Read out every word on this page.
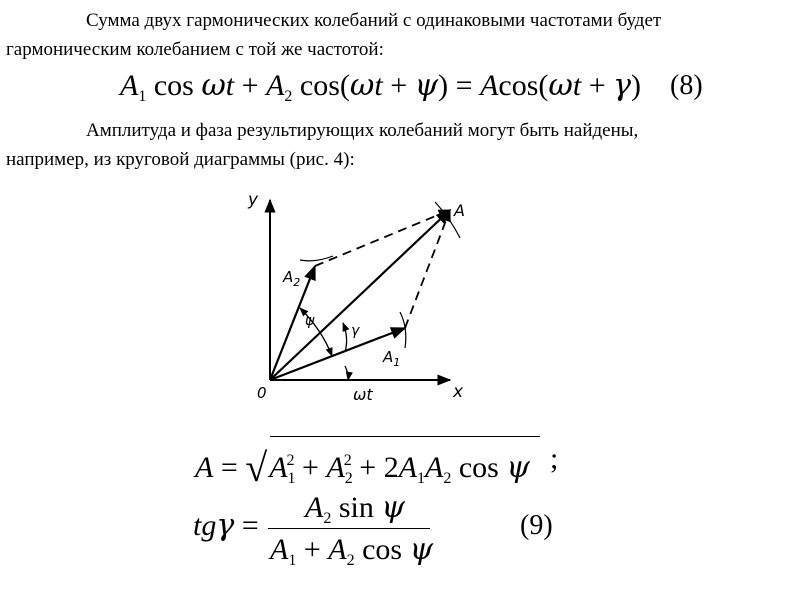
Сумма двух гармонических колебаний с одинаковыми частотами будет
гармоническим колебанием с той же частотой:
$A_1$ $\cos \omega t + A_2$ cos(ωt + ψ) = Acos(ωt + γ) (8)
Амплитуда и фаза результирующих колебаний могут быть найдены,
например, из круговой диаграммы (рис. 4):
y
x
0
A
$A_2$
$A_1$
ψ
γ
ωt
$A = √A_1^2 + A_2^2 + 2A_1A_2$ cos ψ ;
tgγ =
$A_2$ sin ψ
$A_1 + A_2$ cos ψ
(9)
